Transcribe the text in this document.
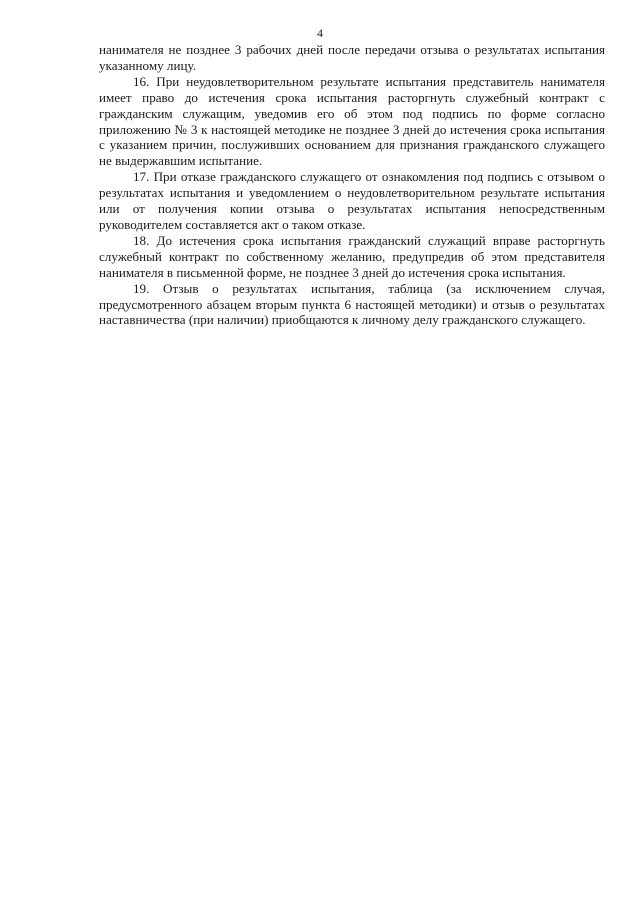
4

нанимателя не позднее 3 рабочих дней после передачи отзыва о результатах испытания указанному лицу.

16. При неудовлетворительном результате испытания представитель нанимателя имеет право до истечения срока испытания расторгнуть служебный контракт с гражданским служащим, уведомив его об этом под подпись по форме согласно приложению № 3 к настоящей методике не позднее 3 дней до истечения срока испытания с указанием причин, послуживших основанием для признания гражданского служащего не выдержавшим испытание.

17. При отказе гражданского служащего от ознакомления под подпись с отзывом о результатах испытания и уведомлением о неудовлетворительном результате испытания или от получения копии отзыва о результатах испытания непосредственным руководителем составляется акт о таком отказе.

18. До истечения срока испытания гражданский служащий вправе расторгнуть служебный контракт по собственному желанию, предупредив об этом представителя нанимателя в письменной форме, не позднее 3 дней до истечения срока испытания.

19. Отзыв о результатах испытания, таблица (за исключением случая, предусмотренного абзацем вторым пункта 6 настоящей методики) и отзыв о результатах наставничества (при наличии) приобщаются к личному делу гражданского служащего.
